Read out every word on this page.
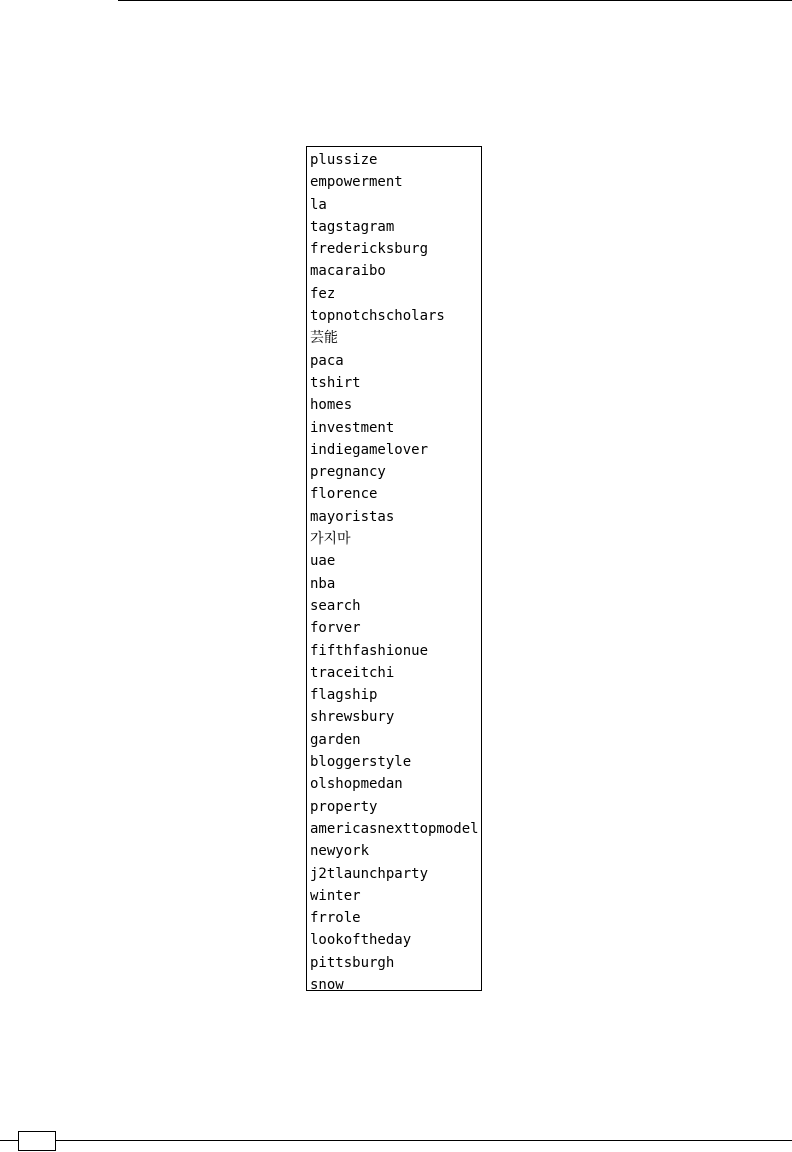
plussize
empowerment
la
tagstagram
fredericksburg
macaraibo
fez
topnotchscholars
芸能
paca
tshirt
homes
investment
indiegamelover
pregnancy
florence
mayoristas
가지마
uae
nba
search
forver
fifthfashionue
traceitchi
flagship
shrewsbury
garden
bloggerstyle
olshopmedan
property
americasnexttopmodel
newyork
j2tlaunchparty
winter
frrole
lookoftheday
pittsburgh
snow
